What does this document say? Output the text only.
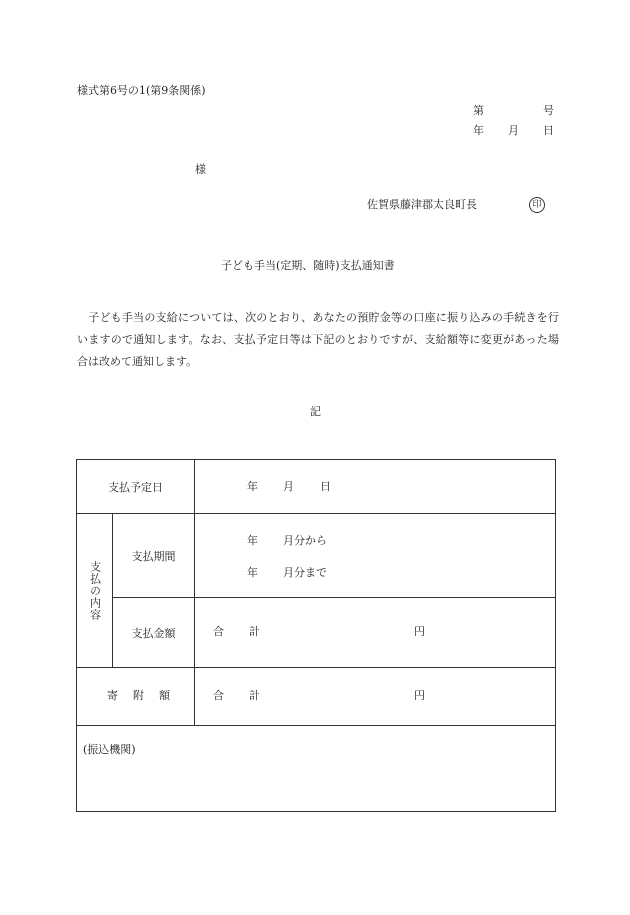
様式第6号の1(第9条関係)
第	号
年 月 日
様
佐賀県藤津郡太良町長	印
子ども手当(定期、随時)支払通知書
子ども手当の支給については、次のとおり、あなたの預貯金等の口座に振り込みの手続きを行いますので通知します。なお、支払予定日等は下記のとおりですが、支給額等に変更があった場合は改めて通知します。
記
支払予定日		年 月 日

支払の内容	支払期間	年 月分から
年 月分まで

	支払金額	合 計 円

寄 附 額		合 計 円

(振込機関)		
